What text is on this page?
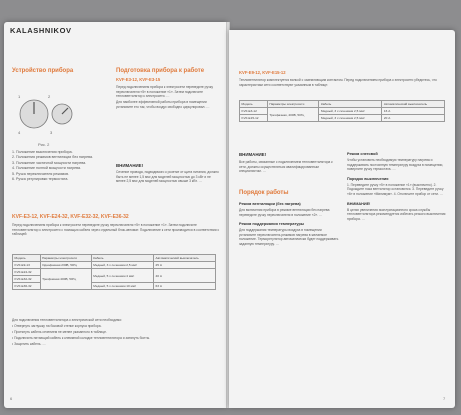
KALASHNIKOV
Устройство прибора
1	2
3
4
Рис. 2
1. Положение выключения прибора.
2. Положения режимов вентиляции без нагрева.
3. Положение частичной мощности нагрева.
4. Положение полной мощности нагрева.
5. Ручка переключателя режимов.
6. Ручка регулировки термостата.
Подготовка прибора к работе
KVF-E3-12, KVF-E3-15

Перед подключением прибора к электросети переведите ручку переключателя «5» в положение «1». Затем подключите тепловентилятор к электросети. …

Для наиболее эффективной работы прибора в помещении установите его так, чтобы воздух свободно циркулировал. …

ВНИМАНИЕ!
Сечение провода, подводимого к розетке от щита питания, должно быть не менее 1,5 мм² для моделей мощностью до 3 кВт и не менее 2,5 мм² для моделей мощностью свыше 3 кВт. …
KVF-E3-12, KVF-E24-32, KVF-E32-32, KVF-E36-32
Перед подключением прибора к электросети переведите ручку переключателя «5» в положение «1». Затем подключите тепловентилятор к электросети с помощью кабеля через отдельный блок-автомат. Подключение к сети производится в соответствии с таблицей:
Модель	Параметры электросети	Кабель	Автоматический выключатель
KVF-E9-13	Однофазная 230В, 50Гц	Медный, 3 х сечением 2,5 мм²	25 А
KVF-E24-32	Трехфазная 400В, 50Гц	Медный, 5 х сечением 4 мм²	40 А
KVF-E32-32			
KVF-E36-32		Медный, 5 х сечением 10 мм²	63 А

Для подключения тепловентилятора к электрической сети необходимо:

• Отвернуть заглушку на боковой стенке корпуса прибора.

• Протянуть кабель сечением не менее указанного в таблице.

• Подключить питающий кабель к клеммной колодке тепловентилятора и затянуть болты.

• Защитить кабель. …

6
KVF-E9-12, KVF-E15-12
Тепловентилятор комплектуется вилкой с заземляющим контактом. Перед подключением прибора к электросети убедитесь, что характеристики сети соответствуют указанным в таблице:
Модель	Параметры электросети	Кабель	Автоматический выключатель
KVF-E3-12	Трехфазная, 400В, 50Гц	Медный, 3 х сечением 2,5 мм²	16 А
KVF-E15-12		Медный, 3 х сечением 2,5 мм²	20 А
ВНИМАНИЕ!
Все работы, связанные с подключением тепловентилятора к сети, должны осуществляться квалифицированным специалистом. …
Порядок работы
Режим вентиляции (без нагрева)
Для включения прибора в режиме вентиляции без нагрева переведите ручку переключателя в положение «2». …
Режим поддержания температуры
Для поддержания температуры воздуха в помещении установите переключатель режимов нагрева в желаемое положение. Терморегулятор автоматически будет поддерживать заданную температуру. …
Режим снеговой
Чтобы установить необходимую температуру нагрева и поддерживать постоянную температуру воздуха в помещении, поверните ручку термостата. …
Порядок выключения
1. Переведите ручку «5» в положение «1» (выключено). 2. Подождите пока вентилятор остановится. 3. Переведите ручку «6» в положение «Минимум». 4. Отключите прибор от сети. …
ВНИМАНИЕ!
В целях увеличения эксплуатационного срока службы тепловентилятора рекомендуется избегать резкого выключения прибора. …
7
